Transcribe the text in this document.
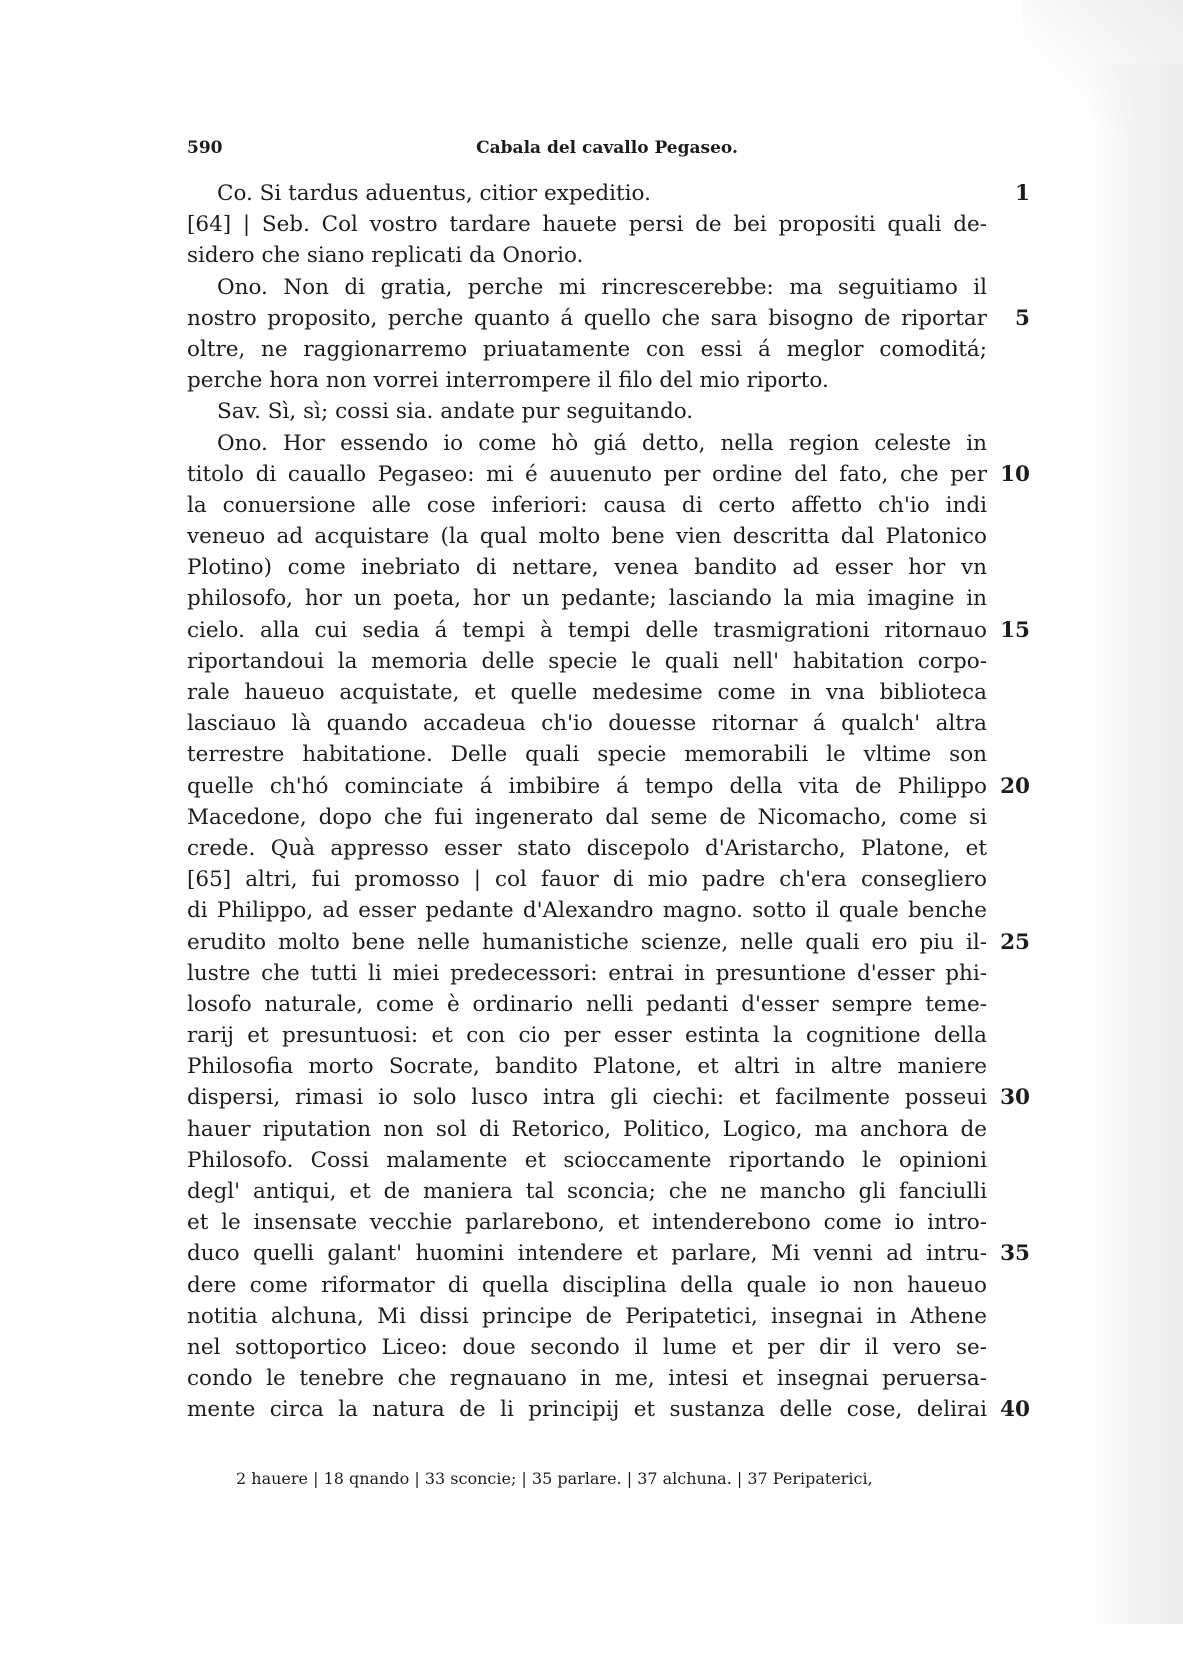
590	Cabala del cavallo Pegaseo.
Co. Si tardus aduentus, citior expeditio.	1
[64] | Seb. Col vostro tardare hauete persi de bei propositi quali de-
sidero che siano replicati da Onorio.
Ono. Non di gratia, perche mi rincrescerebbe: ma seguitiamo il
nostro proposito, perche quanto á quello che sara bisogno de riportar	5
oltre, ne raggionarremo priuatamente con essi á meglor comoditá;
perche hora non vorrei interrompere il filo del mio riporto.
Sav. Sì, sì; cossi sia. andate pur seguitando.
Ono. Hor essendo io come hò giá detto, nella region celeste in
titolo di cauallo Pegaseo: mi é auuenuto per ordine del fato, che per 10
la conuersione alle cose inferiori: causa di certo affetto ch'io indi
veneuo ad acquistare (la qual molto bene vien descritta dal Platonico
Plotino) come inebriato di nettare, venea bandito ad esser hor vn
philosofo, hor un poeta, hor un pedante; lasciando la mia imagine in
cielo. alla cui sedia á tempi à tempi delle trasmigrationi ritornauo 15
riportandoui la memoria delle specie le quali nell' habitation corpo-
rale haueuo acquistate, et quelle medesime come in vna biblioteca
lasciauo là quando accadeua ch'io douesse ritornar á qualch' altra
terrestre habitatione. Delle quali specie memorabili le vltime son
quelle ch'hó cominciate á imbibire á tempo della vita de Philippo 20
Macedone, dopo che fui ingenerato dal seme de Nicomacho, come si
crede. Quà appresso esser stato discepolo d'Aristarcho, Platone, et
[65] altri, fui promosso | col fauor di mio padre ch'era consegliero
di Philippo, ad esser pedante d'Alexandro magno. sotto il quale benche
erudito molto bene nelle humanistiche scienze, nelle quali ero piu il- 25
lustre che tutti li miei predecessori: entrai in presuntione d'esser phi-
losofo naturale, come è ordinario nelli pedanti d'esser sempre teme-
rarij et presuntuosi: et con cio per esser estinta la cognitione della
Philosofia morto Socrate, bandito Platone, et altri in altre maniere
dispersi, rimasi io solo lusco intra gli ciechi: et facilmente posseui 30
hauer riputation non sol di Retorico, Politico, Logico, ma anchora de
Philosofo. Cossi malamente et scioccamente riportando le opinioni
degl' antiqui, et de maniera tal sconcia; che ne mancho gli fanciulli
et le insensate vecchie parlarebono, et intenderebono come io intro-
duco quelli galant' huomini intendere et parlare, Mi venni ad intru- 35
dere come riformator di quella disciplina della quale io non haueuo
notitia alchuna, Mi dissi principe de Peripatetici, insegnai in Athene
nel sottoportico Liceo: doue secondo il lume et per dir il vero se-
condo le tenebre che regnauano in me, intesi et insegnai peruersa-
mente circa la natura de li principij et sustanza delle cose, delirai 40
2 hauere | 18 qnando | 33 sconcie; | 35 parlare. | 37 alchuna. | 37 Peripaterici,
